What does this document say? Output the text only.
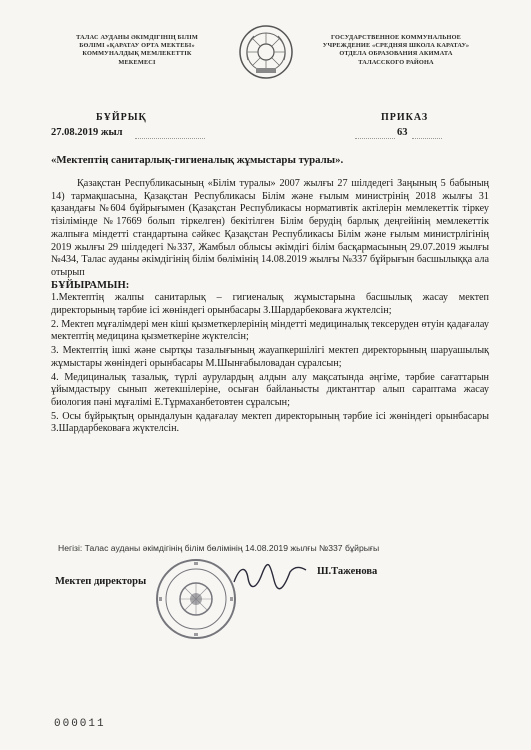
ТАЛАС АУДАНЫ ӘКІМДІГІНІҢ БІЛІМ
БӨЛІМІ «ҚАРАТАУ ОРТА МЕКТЕБІ»
КОММУНАЛДЫҚ МЕМЛЕКЕТТІК
МЕКЕМЕСІ
ГОСУДАРСТВЕННОЕ КОММУНАЛЬНОЕ
УЧРЕЖДЕНИЕ «СРЕДНЯЯ ШКОЛА КАРАТАУ»
ОТДЕЛА ОБРАЗОВАНИЯ АКИМАТА
ТАЛАССКОГО РАЙОНА
БҰЙРЫҚ	ПРИКАЗ
27.08.2019 жыл	63
«Мектептің санитарлық-гигиеналық жұмыстары туралы».

Қазақстан Республикасының «Білім туралы» 2007 жылғы 27 шілдедегі Заңының 5 бабының 14) тармақшасына, Қазақстан Республикасы Білім және ғылым министрінің 2018 жылғы 31 қазандағы №604 бұйрығымен (Қазақстан Республикасы нормативтік актілерін мемлекеттік тіркеу тізілімінде №17669 болып тіркелген) бекітілген Білім берудің барлық деңгейінің мемлекеттік жалпыға міндетті стандартына сәйкес Қазақстан Республикасы Білім және ғылым министрлігінің 2019 жылғы 29 шілдедегі №337, Жамбыл облысы әкімдігі білім басқармасының 29.07.2019 жылғы №434, Талас ауданы әкімдігінің білім бөлімінің 14.08.2019 жылғы №337 бұйрығын басшылыққа ала отырып

БҰЙЫРАМЫН:

1.Мектептің жалпы санитарлық – гигиеналық жұмыстарына басшылық жасау мектеп директорының тәрбие ісі жөніндегі орынбасары З.Шардарбековаға жүктелсін;

2. Мектеп мұғалімдері мен кіші қызметкерлерінің міндетті медициналық тексеруден өтуін қадағалау мектептің медицина қызметкеріне жүктелсін;

3. Мектептің ішкі және сыртқы тазалығының жауапкершілігі мектеп директорының шаруашылық жұмыстары жөніндегі орынбасары М.Шынғабыловадан сұралсын;

4. Медициналық тазалық, түрлі аурулардың алдын алу мақсатында әңгіме, тәрбие сағаттарын ұйымдастыру сынып жетекшілеріне, осыған байланысты диктанттар алып сараптама жасау биология пәні мұғалімі Е.Тұрмаханбетовтен сұралсын;

5. Осы бұйрықтың орындалуын қадағалау мектеп директорының тәрбие ісі жөніндегі орынбасары З.Шардарбековаға жүктелсін.

Негізі: Талас ауданы әкімдігінің білім бөлімінің 14.08.2019 жылғы №337 бұйрығы
Мектеп директоры
Ш.Таженова
000011
